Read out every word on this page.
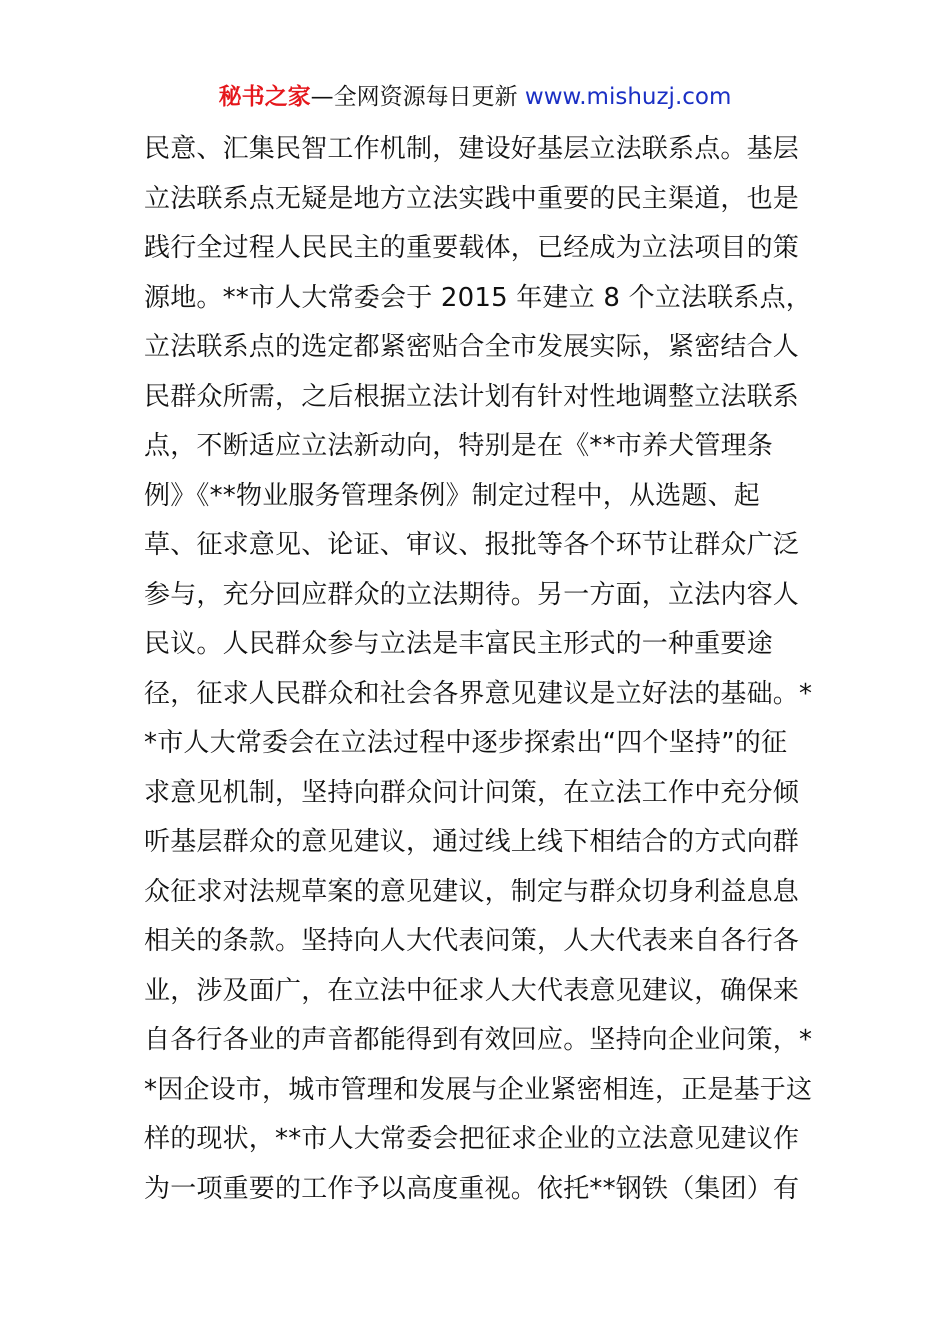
秘书之家—全网资源每日更新 www.mishuzj.com
民意、汇集民智工作机制，建设好基层立法联系点。基层
立法联系点无疑是地方立法实践中重要的民主渠道，也是
践行全过程人民民主的重要载体，已经成为立法项目的策
源地。**市人大常委会于 2015 年建立 8 个立法联系点，
立法联系点的选定都紧密贴合全市发展实际，紧密结合人
民群众所需，之后根据立法计划有针对性地调整立法联系
点，不断适应立法新动向，特别是在《**市养犬管理条
例》《**物业服务管理条例》制定过程中，从选题、起
草、征求意见、论证、审议、报批等各个环节让群众广泛
参与，充分回应群众的立法期待。另一方面，立法内容人
民议。人民群众参与立法是丰富民主形式的一种重要途
径，征求人民群众和社会各界意见建议是立好法的基础。*
*市人大常委会在立法过程中逐步探索出“四个坚持”的征
求意见机制，坚持向群众问计问策，在立法工作中充分倾
听基层群众的意见建议，通过线上线下相结合的方式向群
众征求对法规草案的意见建议，制定与群众切身利益息息
相关的条款。坚持向人大代表问策，人大代表来自各行各
业，涉及面广，在立法中征求人大代表意见建议，确保来
自各行各业的声音都能得到有效回应。坚持向企业问策，*
*因企设市，城市管理和发展与企业紧密相连，正是基于这
样的现状，**市人大常委会把征求企业的立法意见建议作
为一项重要的工作予以高度重视。依托**钢铁（集团）有
